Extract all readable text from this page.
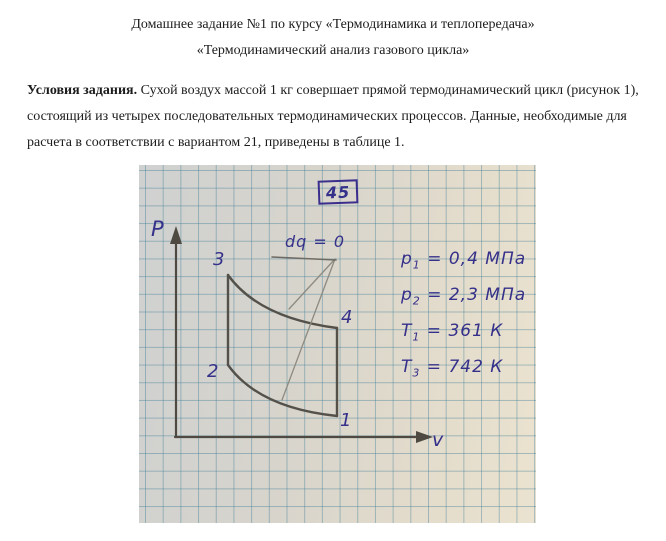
Домашнее задание №1 по курсу «Термодинамика и теплопередача»
«Термодинамический анализ газового цикла»

Условия задания. Сухой воздух массой 1 кг совершает прямой термодинамический цикл (рисунок 1), состоящий из четырех последовательных термодинамических процессов. Данные, необходимые для расчета в соответствии с вариантом 21, приведены в таблице 1.

45
P
v
dq = 0
3
2
4
1
$p_1 = 0,4$ МПа
$p_2 = 2,3$ МПа
$T_1 = 361$ К
$T_3 = 742$ К
